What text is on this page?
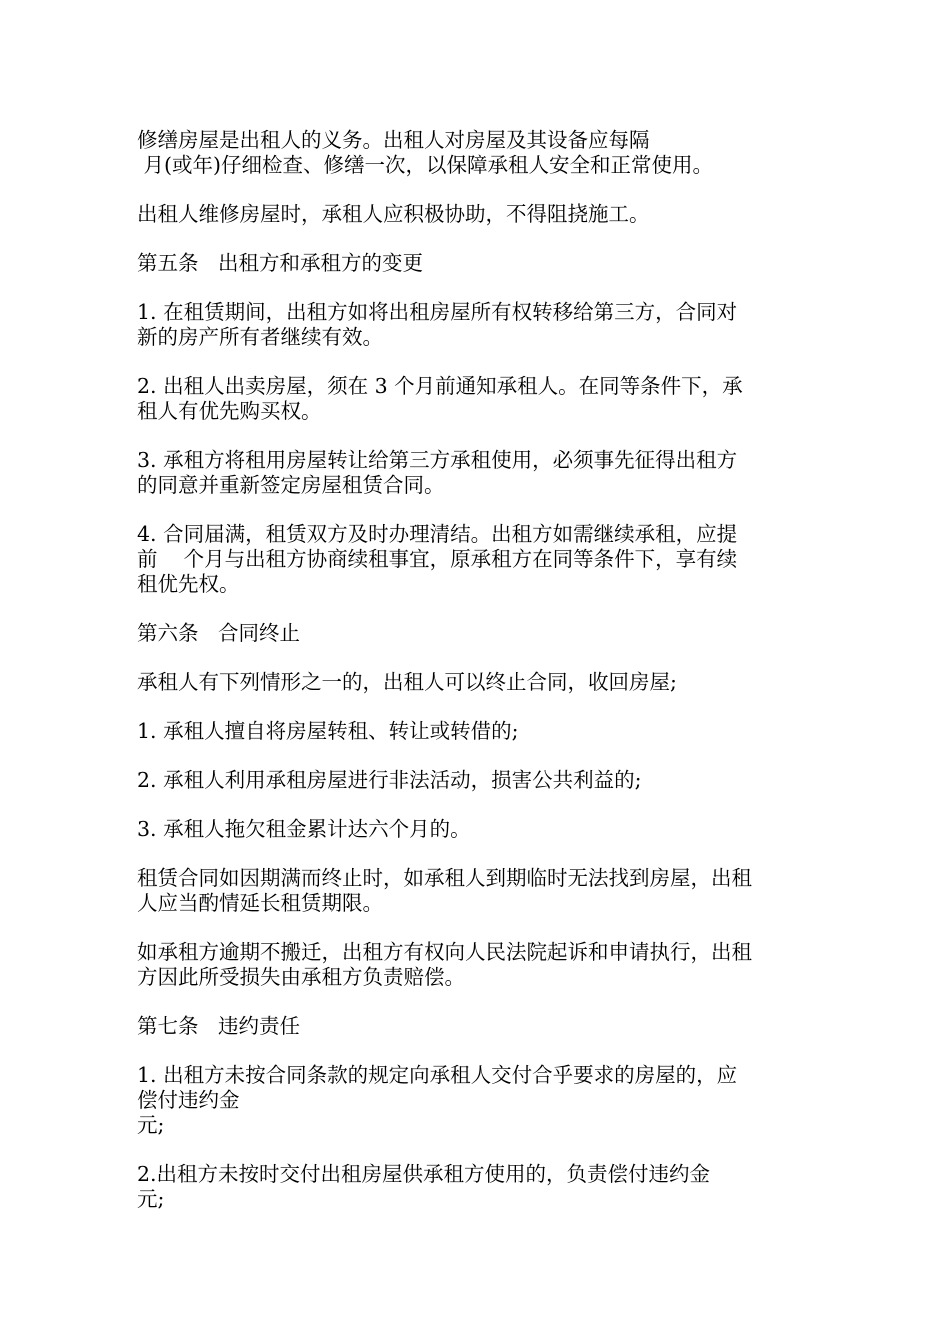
修缮房屋是出租人的义务。出租人对房屋及其设备应每隔
月(或年)仔细检查、修缮一次，以保障承租人安全和正常使用。

出租人维修房屋时，承租人应积极协助，不得阻挠施工。

第五条   出租方和承租方的变更

1. 在租赁期间，出租方如将出租房屋所有权转移给第三方，合同对
新的房产所有者继续有效。

2. 出租人出卖房屋，须在 3 个月前通知承租人。在同等条件下，承
租人有优先购买权。

3. 承租方将租用房屋转让给第三方承租使用，必须事先征得出租方
的同意并重新签定房屋租赁合同。

4. 合同届满，租赁双方及时办理清结。出租方如需继续承租，应提
前    个月与出租方协商续租事宜，原承租方在同等条件下，享有续
租优先权。

第六条   合同终止

承租人有下列情形之一的，出租人可以终止合同，收回房屋;

1. 承租人擅自将房屋转租、转让或转借的;

2. 承租人利用承租房屋进行非法活动，损害公共利益的;

3. 承租人拖欠租金累计达六个月的。

租赁合同如因期满而终止时，如承租人到期临时无法找到房屋，出租
人应当酌情延长租赁期限。

如承租方逾期不搬迁，出租方有权向人民法院起诉和申请执行，出租
方因此所受损失由承租方负责赔偿。

第七条   违约责任

1. 出租方未按合同条款的规定向承租人交付合乎要求的房屋的，应
偿付违约金
元;

2.出租方未按时交付出租房屋供承租方使用的，负责偿付违约金
元;
